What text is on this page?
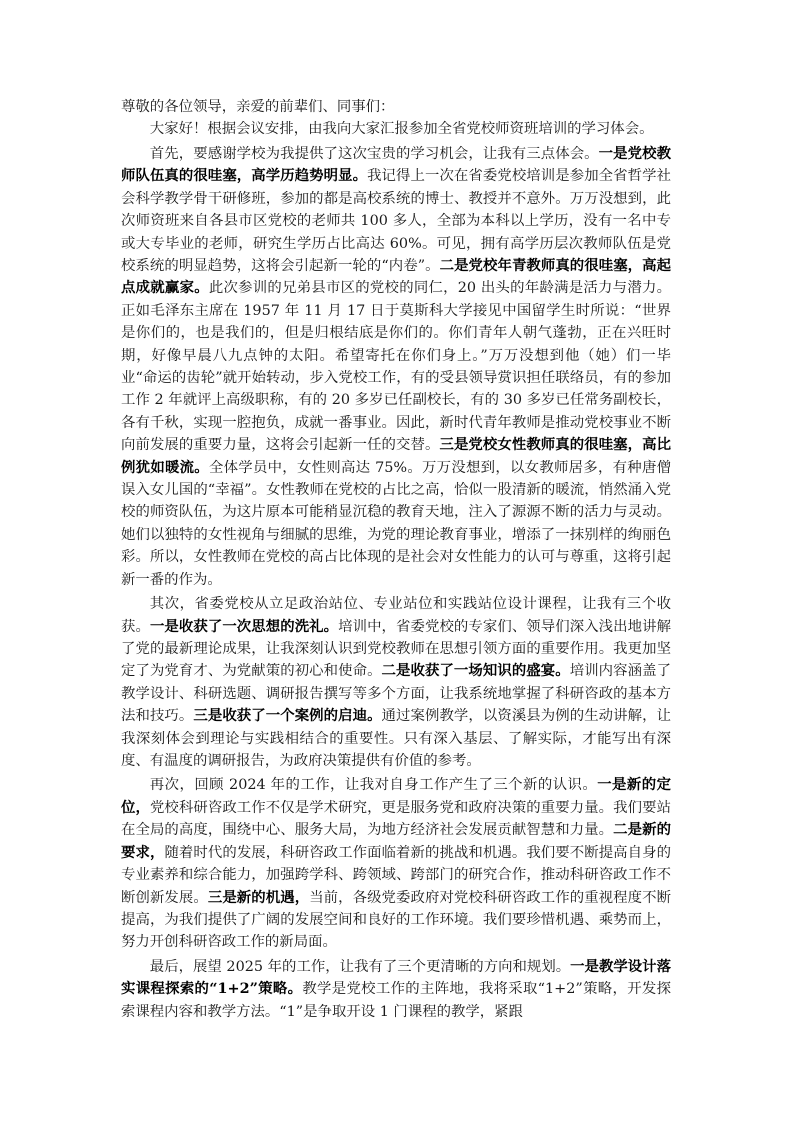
尊敬的各位领导，亲爱的前辈们、同事们：

大家好！根据会议安排，由我向大家汇报参加全省党校师资班培训的学习体会。

首先，要感谢学校为我提供了这次宝贵的学习机会，让我有三点体会。一是党校教师队伍真的很哇塞，高学历趋势明显。我记得上一次在省委党校培训是参加全省哲学社会科学教学骨干研修班，参加的都是高校系统的博士、教授并不意外。万万没想到，此次师资班来自各县市区党校的老师共 100 多人，全部为本科以上学历，没有一名中专或大专毕业的老师，研究生学历占比高达 60%。可见，拥有高学历层次教师队伍是党校系统的明显趋势，这将会引起新一轮的“内卷”。二是党校年青教师真的很哇塞，高起点成就赢家。此次参训的兄弟县市区的党校的同仁，20 出头的年龄满是活力与潜力。正如毛泽东主席在 1957 年 11 月 17 日于莫斯科大学接见中国留学生时所说：“世界是你们的，也是我们的，但是归根结底是你们的。你们青年人朝气蓬勃，正在兴旺时期，好像早晨八九点钟的太阳。希望寄托在你们身上。”万万没想到他（她）们一毕业“命运的齿轮”就开始转动，步入党校工作，有的受县领导赏识担任联络员，有的参加工作 2 年就评上高级职称，有的 20 多岁已任副校长，有的 30 多岁已任常务副校长，各有千秋，实现一腔抱负，成就一番事业。因此，新时代青年教师是推动党校事业不断向前发展的重要力量，这将会引起新一任的交替。三是党校女性教师真的很哇塞，高比例犹如暖流。全体学员中，女性则高达 75%。万万没想到，以女教师居多，有种唐僧误入女儿国的“幸福”。女性教师在党校的占比之高，恰似一股清新的暖流，悄然涌入党校的师资队伍，为这片原本可能稍显沉稳的教育天地，注入了源源不断的活力与灵动。她们以独特的女性视角与细腻的思维，为党的理论教育事业，增添了一抹别样的绚丽色彩。所以，女性教师在党校的高占比体现的是社会对女性能力的认可与尊重，这将引起新一番的作为。

其次，省委党校从立足政治站位、专业站位和实践站位设计课程，让我有三个收获。一是收获了一次思想的洗礼。培训中，省委党校的专家们、领导们深入浅出地讲解了党的最新理论成果，让我深刻认识到党校教师在思想引领方面的重要作用。我更加坚定了为党育才、为党献策的初心和使命。二是收获了一场知识的盛宴。培训内容涵盖了教学设计、科研选题、调研报告撰写等多个方面，让我系统地掌握了科研咨政的基本方法和技巧。三是收获了一个案例的启迪。通过案例教学，以资溪县为例的生动讲解，让我深刻体会到理论与实践相结合的重要性。只有深入基层、了解实际，才能写出有深度、有温度的调研报告，为政府决策提供有价值的参考。

再次，回顾 2024 年的工作，让我对自身工作产生了三个新的认识。一是新的定位，党校科研咨政工作不仅是学术研究，更是服务党和政府决策的重要力量。我们要站在全局的高度，围绕中心、服务大局，为地方经济社会发展贡献智慧和力量。二是新的要求，随着时代的发展，科研咨政工作面临着新的挑战和机遇。我们要不断提高自身的专业素养和综合能力，加强跨学科、跨领域、跨部门的研究合作，推动科研咨政工作不断创新发展。三是新的机遇，当前，各级党委政府对党校科研咨政工作的重视程度不断提高，为我们提供了广阔的发展空间和良好的工作环境。我们要珍惜机遇、乘势而上，努力开创科研咨政工作的新局面。

最后，展望 2025 年的工作，让我有了三个更清晰的方向和规划。一是教学设计落实课程探索的“1+2”策略。教学是党校工作的主阵地，我将采取“1+2”策略，开发探索课程内容和教学方法。“1”是争取开设 1 门课程的教学，紧跟
